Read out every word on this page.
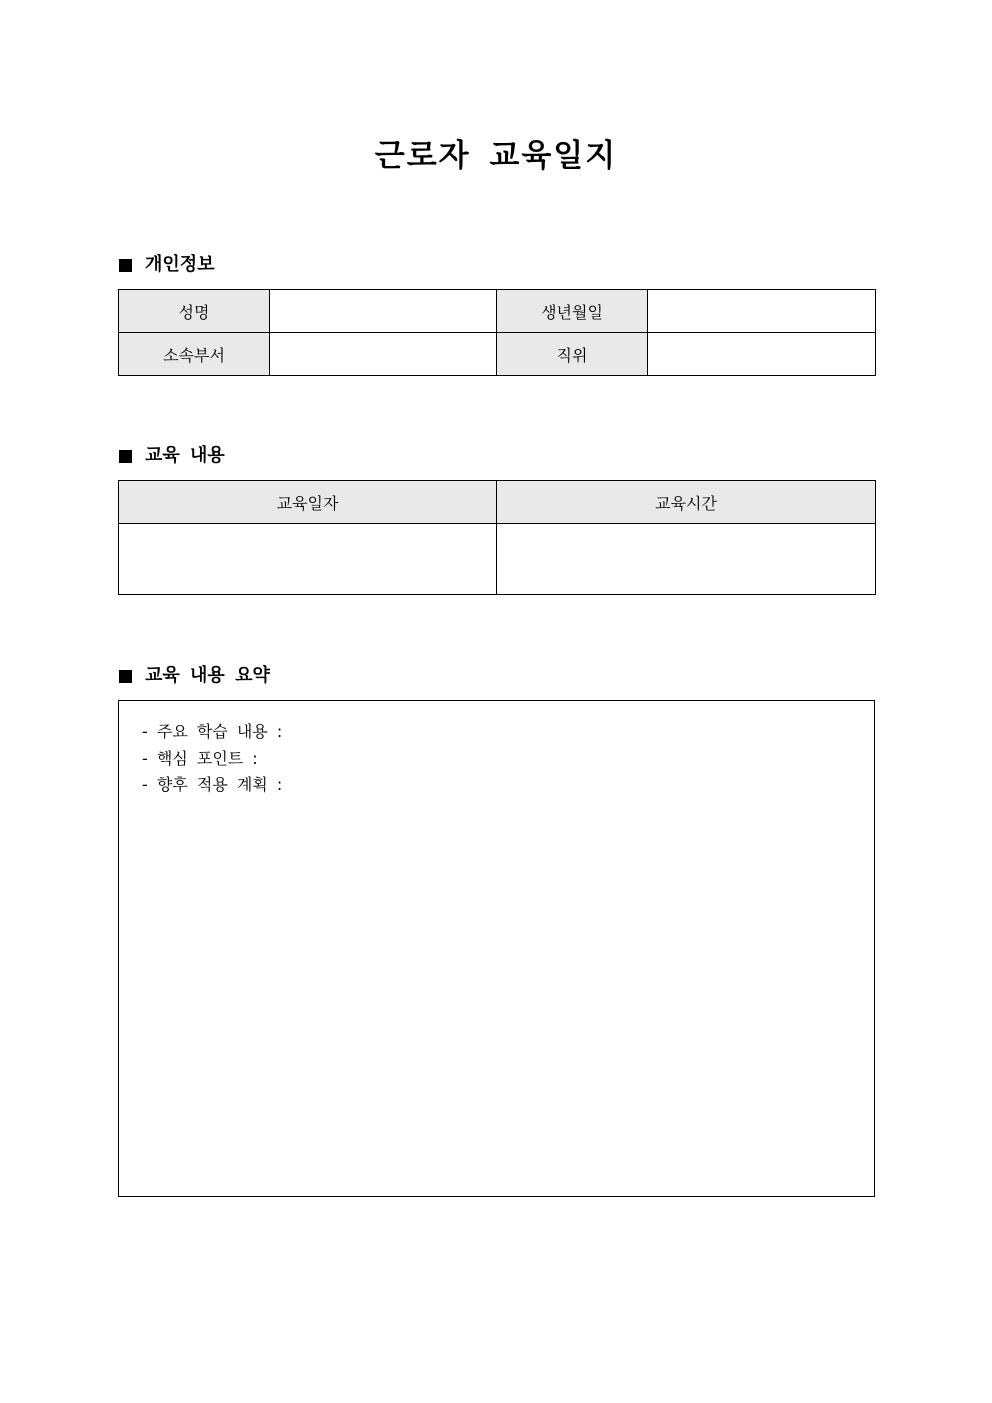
근로자 교육일지
개인정보
성명		생년월일	
소속부서		직위	
교육 내용
교육일자	교육시간

교육 내용 요약
- 주요 학습 내용 :
- 핵심 포인트 :
- 향후 적용 계획 :
